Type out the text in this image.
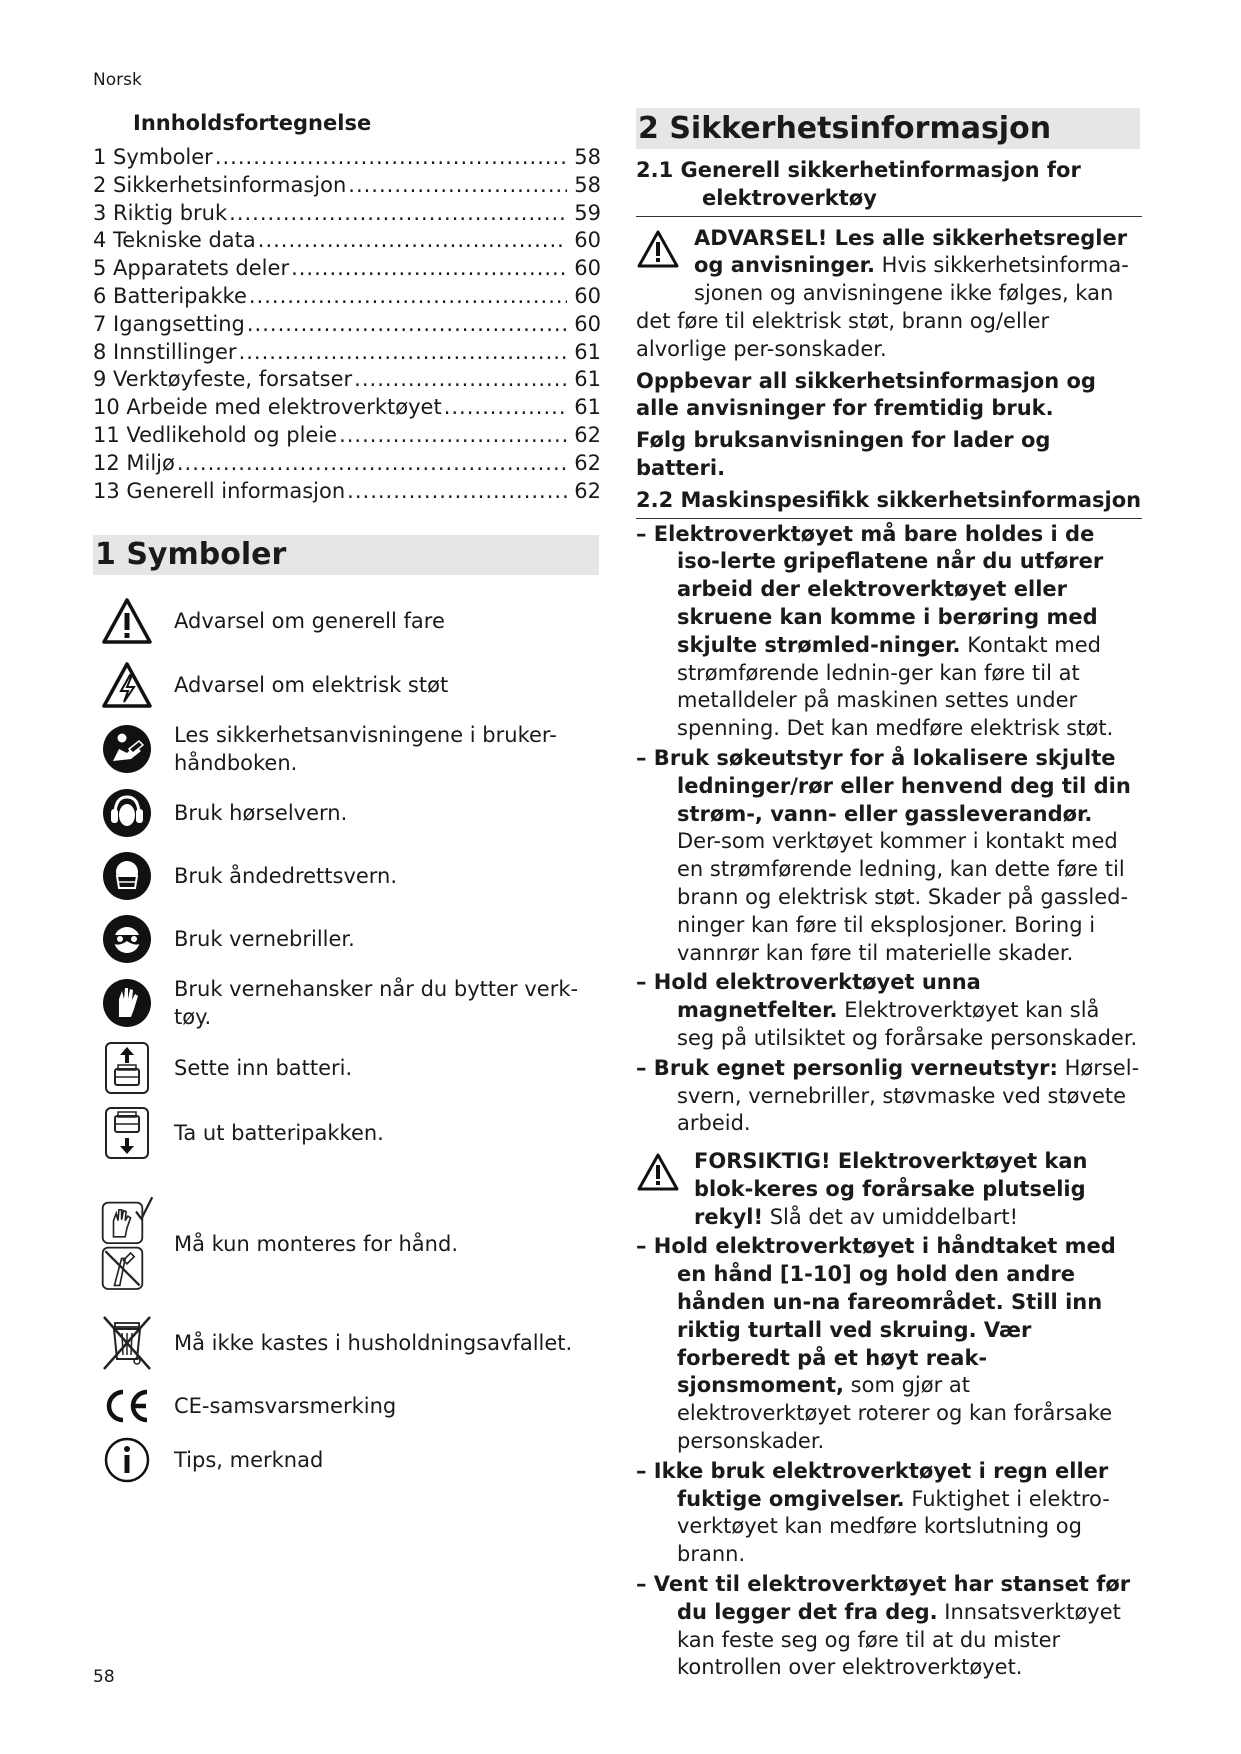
Norsk
Innholdsfortegnelse
1 Symboler .....	58
2 Sikkerhetsinformasjon .....	58
3 Riktig bruk .....	59
4 Tekniske data .....	60
5 Apparatets deler .....	60
6 Batteripakke .....	60
7 Igangsetting .....	60
8 Innstillinger .....	61
9 Verktøyfeste, forsatser .....	61
10 Arbeide med elektroverktøyet .....	61
11 Vedlikehold og pleie .....	62
12 Miljø .....	62
13 Generell informasjon .....	62
1 Symboler
Advarsel om generell fare
Advarsel om elektrisk støt
Les sikkerhetsanvisningene i bruker-
håndboken.
Bruk hørselvern.
Bruk åndedrettsvern.
Bruk vernebriller.
Bruk vernehansker når du bytter verk-
tøy.
Sette inn batteri.
Ta ut batteripakken.
Må kun monteres for hånd.
Må ikke kastes i husholdningsavfallet.
CE-samsvarsmerking
Tips, merknad
2 Sikkerhetsinformasjon
2.1 Generell sikkerhetinformasjon for
elektroverktøy
ADVARSEL! Les alle sikkerhetsregler og anvisninger. Hvis sikkerhetsinforma-sjonen og anvisningene ikke følges, kan det føre til elektrisk støt, brann og/eller alvorlige per-sonskader.

Oppbevar all sikkerhetsinformasjon og alle anvisninger for fremtidig bruk.

Følg bruksanvisningen for lader og batteri.

2.2 Maskinspesifikk sikkerhetsinformasjon
– Elektroverktøyet må bare holdes i de iso-lerte gripeflatene når du utfører arbeid der elektroverktøyet eller skruene kan komme i berøring med skjulte strømled-ninger. Kontakt med strømførende lednin-ger kan føre til at metalldeler på maskinen settes under spenning. Det kan medføre elektrisk støt.
– Bruk søkeutstyr for å lokalisere skjulte ledninger/rør eller henvend deg til din strøm-, vann- eller gassleverandør. Der-som verktøyet kommer i kontakt med en strømførende ledning, kan dette føre til brann og elektrisk støt. Skader på gassled-ninger kan føre til eksplosjoner. Boring i vannrør kan føre til materielle skader.
– Hold elektroverktøyet unna magnetfelter. Elektroverktøyet kan slå seg på utilsiktet og forårsake personskader.
– Bruk egnet personlig verneutstyr: Hørsel-svern, vernebriller, støvmaske ved støvete arbeid.
FORSIKTIG! Elektroverktøyet kan blok-keres og forårsake plutselig rekyl! Slå det av umiddelbart!
– Hold elektroverktøyet i håndtaket med en hånd [1-10] og hold den andre hånden un-na fareområdet. Still inn riktig turtall ved skruing. Vær forberedt på et høyt reak-sjonsmoment, som gjør at elektroverktøyet roterer og kan forårsake personskader.
– Ikke bruk elektroverktøyet i regn eller fuktige omgivelser. Fuktighet i elektro-verktøyet kan medføre kortslutning og brann.
– Vent til elektroverktøyet har stanset før du legger det fra deg. Innsatsverktøyet kan feste seg og føre til at du mister kontrollen over elektroverktøyet.
58
